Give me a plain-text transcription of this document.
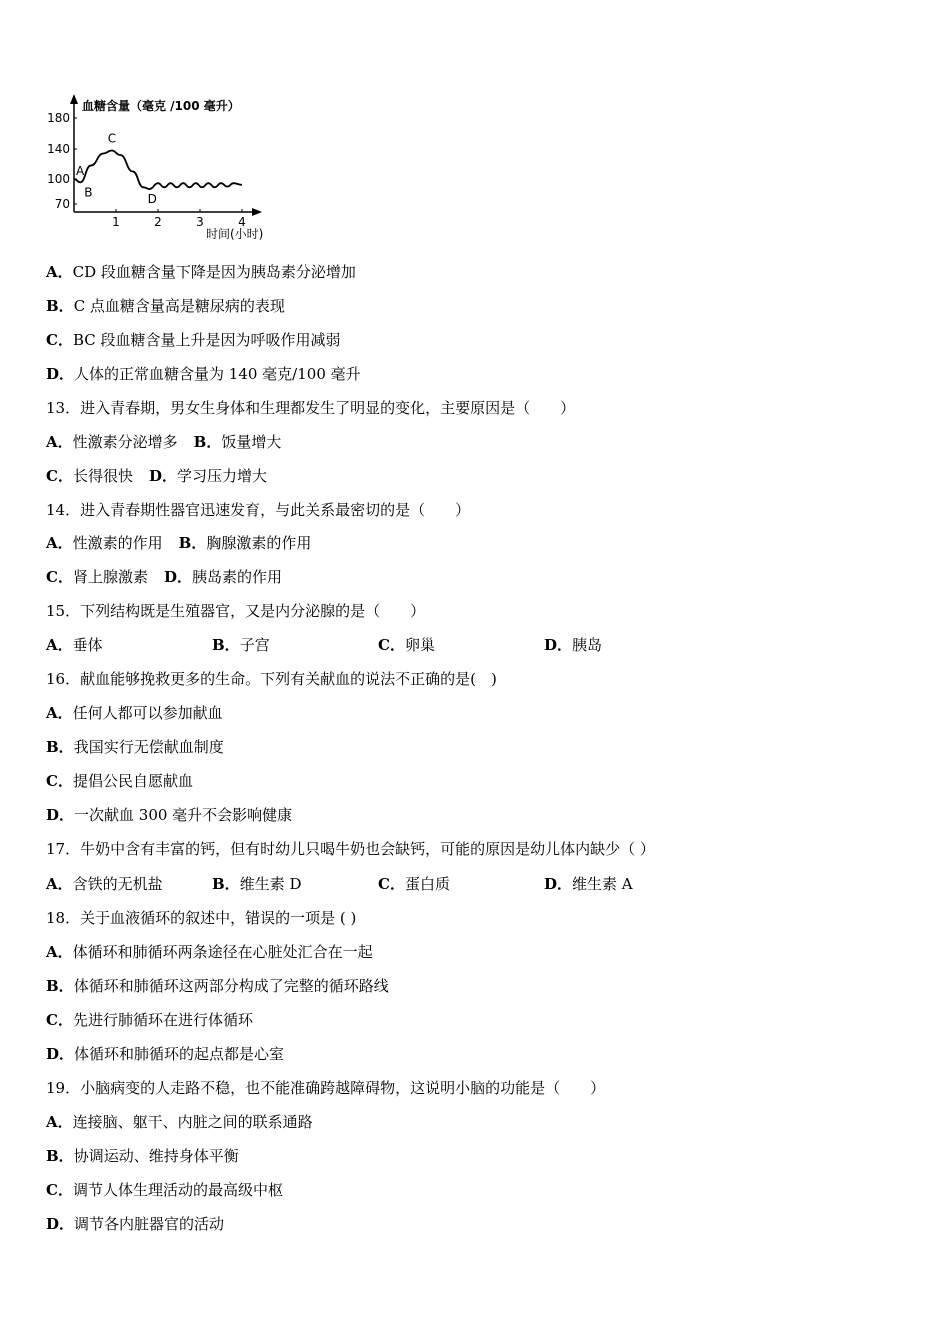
血糖含量（毫克 /100 毫升）
时间(小时)
70
100
140
180
1	2	3	4
A
B
C
D
A．CD 段血糖含量下降是因为胰岛素分泌增加
B．C 点血糖含量高是糖尿病的表现
C．BC 段血糖含量上升是因为呼吸作用减弱
D．人体的正常血糖含量为 140 毫克/100 毫升
13．进入青春期，男女生身体和生理都发生了明显的变化，主要原因是（　　）
A．性激素分泌增多 B．饭量增大
C．长得很快 D．学习压力增大
14．进入青春期性器官迅速发育，与此关系最密切的是（　　）
A．性激素的作用 B．胸腺激素的作用
C．肾上腺激素 D．胰岛素的作用
15．下列结构既是生殖器官，又是内分泌腺的是（　　）
A．垂体	B．子宫	C．卵巢	D．胰岛
16．献血能够挽救更多的生命。下列有关献血的说法不正确的是(　)
A．任何人都可以参加献血
B．我国实行无偿献血制度
C．提倡公民自愿献血
D．一次献血 300 毫升不会影响健康
17．牛奶中含有丰富的钙，但有时幼儿只喝牛奶也会缺钙，可能的原因是幼儿体内缺少（ ）
A．含铁的无机盐	B．维生素 D	C．蛋白质	D．维生素 A
18．关于血液循环的叙述中，错误的一项是 ( )
A．体循环和肺循环两条途径在心脏处汇合在一起
B．体循环和肺循环这两部分构成了完整的循环路线
C．先进行肺循环在进行体循环
D．体循环和肺循环的起点都是心室
19．小脑病变的人走路不稳，也不能准确跨越障碍物，这说明小脑的功能是（　　）
A．连接脑、躯干、内脏之间的联系通路
B．协调运动、维持身体平衡
C．调节人体生理活动的最高级中枢
D．调节各内脏器官的活动
